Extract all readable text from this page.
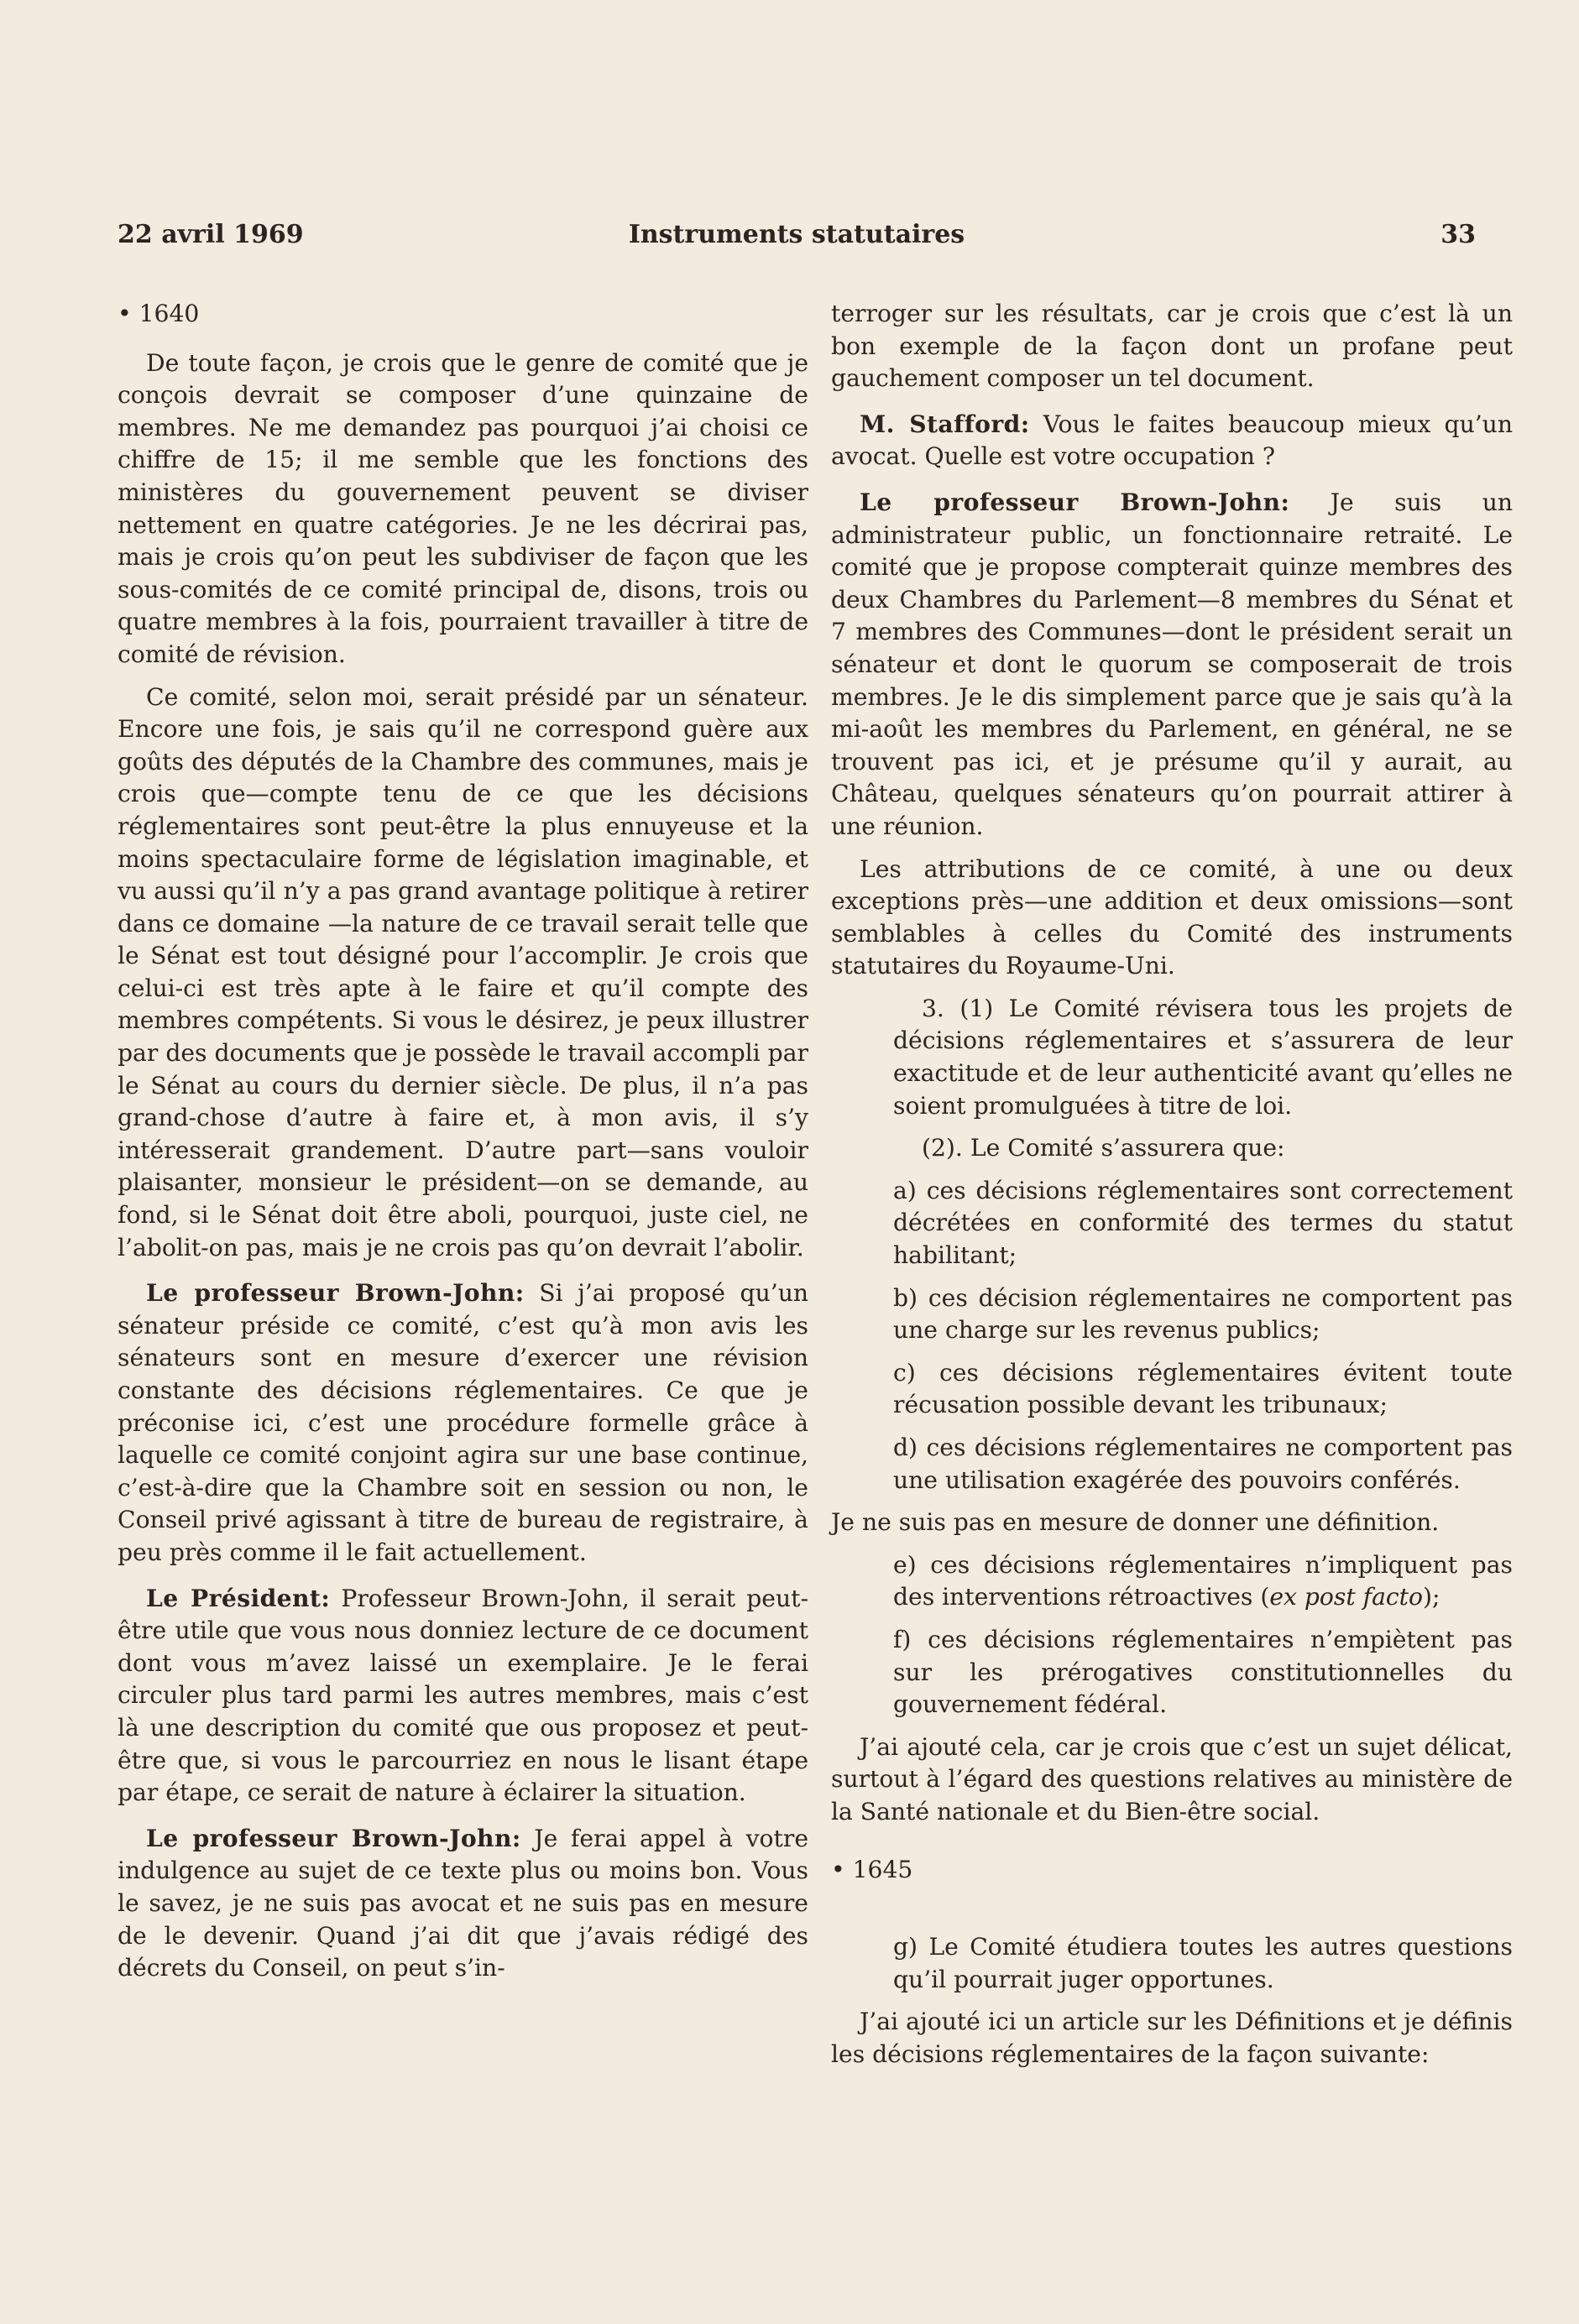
22 avril 1969	Instruments statutaires	33

• 1640

De toute façon, je crois que le genre de comité que je conçois devrait se composer d’une quinzaine de membres. Ne me demandez pas pourquoi j’ai choisi ce chiffre de 15; il me semble que les fonctions des ministères du gouvernement peuvent se diviser nettement en quatre catégories. Je ne les décrirai pas, mais je crois qu’on peut les subdiviser de façon que les sous-comités de ce comité principal de, disons, trois ou quatre membres à la fois, pourraient travailler à titre de comité de révision.

Ce comité, selon moi, serait présidé par un sénateur. Encore une fois, je sais qu’il ne correspond guère aux goûts des députés de la Chambre des communes, mais je crois que—compte tenu de ce que les décisions réglementaires sont peut-être la plus ennuyeuse et la moins spectaculaire forme de législation imaginable, et vu aussi qu’il n’y a pas grand avantage politique à retirer dans ce domaine —la nature de ce travail serait telle que le Sénat est tout désigné pour l’accomplir. Je crois que celui-ci est très apte à le faire et qu’il compte des membres compétents. Si vous le désirez, je peux illustrer par des documents que je possède le travail accompli par le Sénat au cours du dernier siècle. De plus, il n’a pas grand-chose d’autre à faire et, à mon avis, il s’y intéresserait grandement. D’autre part—sans vouloir plaisanter, monsieur le président—on se demande, au fond, si le Sénat doit être aboli, pourquoi, juste ciel, ne l’abolit-on pas, mais je ne crois pas qu’on devrait l’abolir.

Le professeur Brown-John: Si j’ai proposé qu’un sénateur préside ce comité, c’est qu’à mon avis les sénateurs sont en mesure d’exercer une révision constante des décisions réglementaires. Ce que je préconise ici, c’est une procédure formelle grâce à laquelle ce comité conjoint agira sur une base continue, c’est-à-dire que la Chambre soit en session ou non, le Conseil privé agissant à titre de bureau de registraire, à peu près comme il le fait actuellement.

Le Président: Professeur Brown-John, il serait peut-être utile que vous nous donniez lecture de ce document dont vous m’avez laissé un exemplaire. Je le ferai circuler plus tard parmi les autres membres, mais c’est là une description du comité que ous proposez et peut-être que, si vous le parcourriez en nous le lisant étape par étape, ce serait de nature à éclairer la situation.

Le professeur Brown-John: Je ferai appel à votre indulgence au sujet de ce texte plus ou moins bon. Vous le savez, je ne suis pas avocat et ne suis pas en mesure de le devenir. Quand j’ai dit que j’avais rédigé des décrets du Conseil, on peut s’in-

terroger sur les résultats, car je crois que c’est là un bon exemple de la façon dont un profane peut gauchement composer un tel document.

M. Stafford: Vous le faites beaucoup mieux qu’un avocat. Quelle est votre occupation ?

Le professeur Brown-John: Je suis un administrateur public, un fonctionnaire retraité. Le comité que je propose compterait quinze membres des deux Chambres du Parlement—8 membres du Sénat et 7 membres des Communes—dont le président serait un sénateur et dont le quorum se composerait de trois membres. Je le dis simplement parce que je sais qu’à la mi-août les membres du Parlement, en général, ne se trouvent pas ici, et je présume qu’il y aurait, au Château, quelques sénateurs qu’on pourrait attirer à une réunion.

Les attributions de ce comité, à une ou deux exceptions près—une addition et deux omissions—sont semblables à celles du Comité des instruments statutaires du Royaume-Uni.

3. (1) Le Comité révisera tous les projets de décisions réglementaires et s’assurera de leur exactitude et de leur authenticité avant qu’elles ne soient promulguées à titre de loi.

(2). Le Comité s’assurera que:

a) ces décisions réglementaires sont correctement décrétées en conformité des termes du statut habilitant;

b) ces décision réglementaires ne comportent pas une charge sur les revenus publics;

c) ces décisions réglementaires évitent toute récusation possible devant les tribunaux;

d) ces décisions réglementaires ne comportent pas une utilisation exagérée des pouvoirs conférés.

Je ne suis pas en mesure de donner une définition.

e) ces décisions réglementaires n’impliquent pas des interventions rétroactives (ex post facto);

f) ces décisions réglementaires n’empiètent pas sur les prérogatives constitutionnelles du gouvernement fédéral.

J’ai ajouté cela, car je crois que c’est un sujet délicat, surtout à l’égard des questions relatives au ministère de la Santé nationale et du Bien-être social.

• 1645

g) Le Comité étudiera toutes les autres questions qu’il pourrait juger opportunes.

J’ai ajouté ici un article sur les Définitions et je définis les décisions réglementaires de la façon suivante:
